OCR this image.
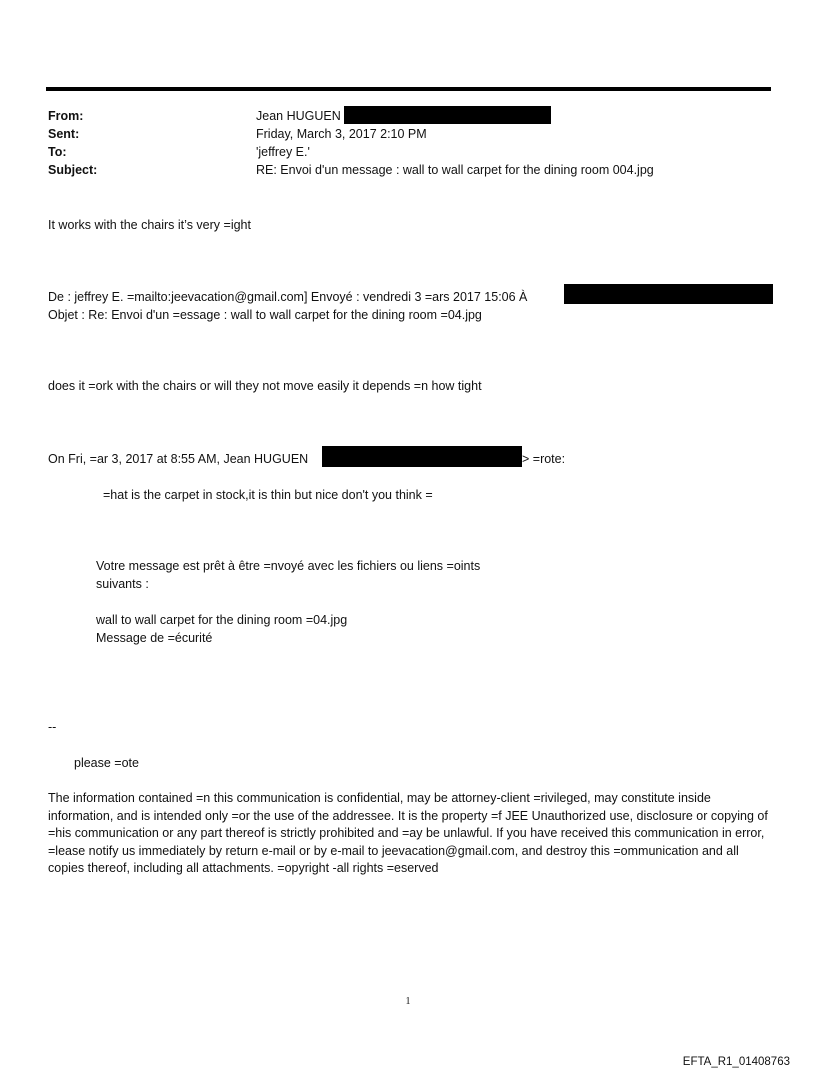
From:	Jean HUGUEN
Sent:	Friday, March 3, 2017 2:10 PM
To:	'jeffrey E.'
Subject:	RE: Envoi d'un message : wall to wall carpet for the dining room 004.jpg
It works with the chairs it’s very =ight
De : jeffrey E. =mailto:jeevacation@gmail.com] Envoyé : vendredi 3 =ars 2017 15:06 À
Objet : Re: Envoi d'un =essage : wall to wall carpet for the dining room =04.jpg
does it =ork with the chairs or will they not move easily it depends =n how tight
On Fri, =ar 3, 2017 at 8:55 AM, Jean HUGUEN	> =rote:
=hat is the carpet in stock,it is thin but nice don't you think =
Votre message est prêt à être =nvoyé avec les fichiers ou liens =oints
suivants :
wall to wall carpet for the dining room =04.jpg
Message de =écurité
--
please =ote
The information contained =n this communication is confidential, may be attorney-client =rivileged, may constitute inside information, and is intended only =or the use of the addressee. It is the property =f JEE Unauthorized use, disclosure or copying of =his communication or any part thereof is strictly prohibited and =ay be unlawful. If you have received this communication in error, =lease notify us immediately by return e-mail or by e-mail to jeevacation@gmail.com, and destroy this =ommunication and all copies thereof, including all attachments. =opyright -all rights =eserved
1
EFTA_R1_01408763
